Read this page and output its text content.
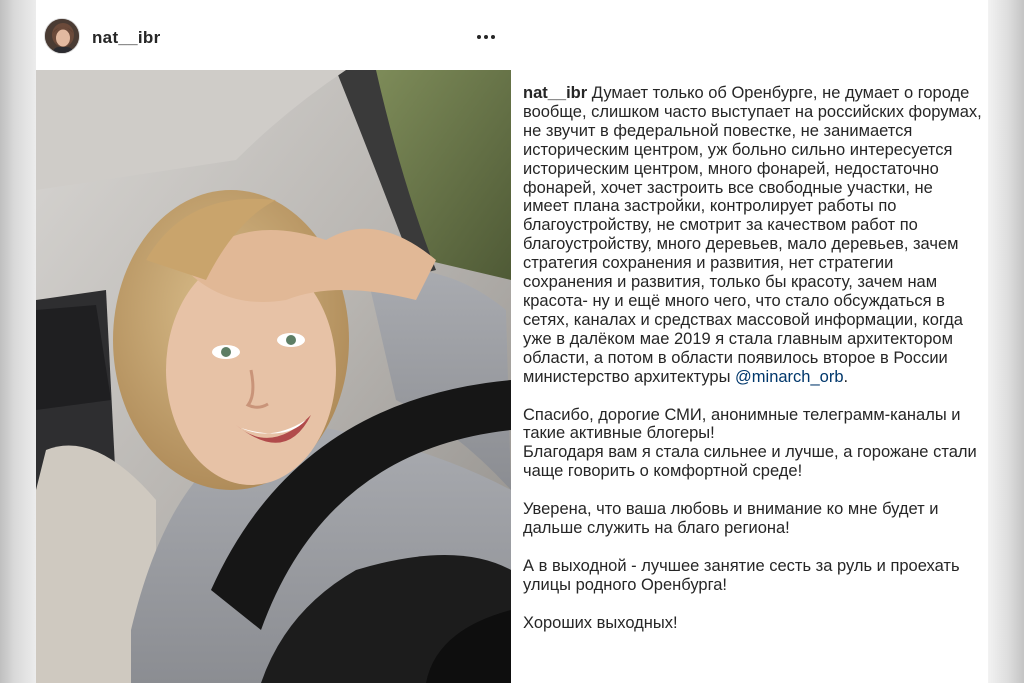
nat__ibr

nat__ibr Думает только об Оренбурге, не думает о городе вообще, слишком часто выступает на российских форумах, не звучит в федеральной повестке, не занимается историческим центром, уж больно сильно интересуется историческим центром, много фонарей, недостаточно фонарей, хочет застроить все свободные участки, не имеет плана застройки, контролирует работы по благоустройству, не смотрит за качеством работ по благоустройству, много деревьев, мало деревьев, зачем стратегия сохранения и развития, нет стратегии сохранения и развития, только бы красоту, зачем нам красота- ну и ещё много чего, что стало обсуждаться в сетях, каналах и средствах массовой информации, когда уже в далёком мае 2019 я стала главным архитектором области, а потом в области появилось второе в России министерство архитектуры @minarch_orb.

Спасибо, дорогие СМИ, анонимные телеграмм-каналы и такие активные блогеры!

Благодаря вам я стала сильнее и лучше, а горожане стали чаще говорить о комфортной среде!

Уверена, что ваша любовь и внимание ко мне будет и дальше служить на благо региона!

А в выходной - лучшее занятие сесть за руль и проехать улицы родного Оренбурга!

Хороших выходных!
